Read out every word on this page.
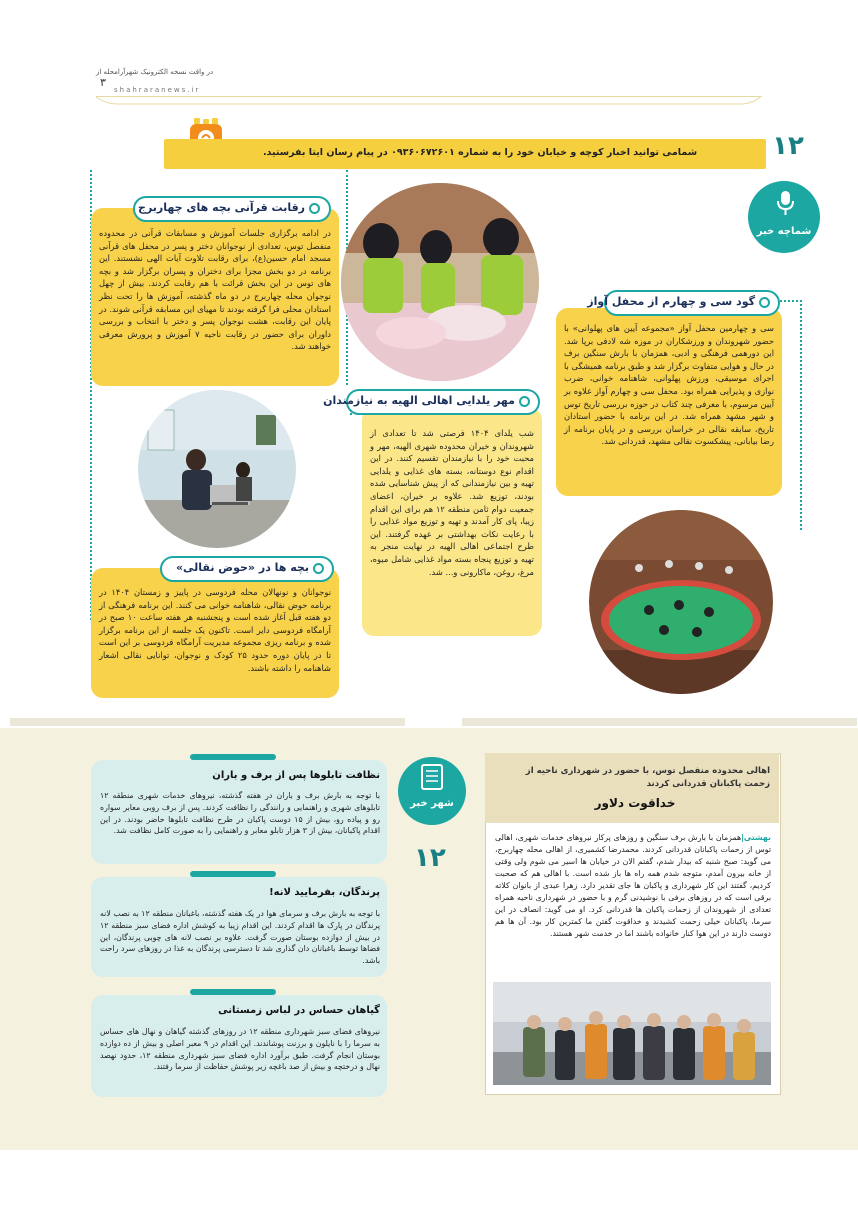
در واقت نسخه الکترونیک شهرآرامحله از
۳
shahraranews.ir
شمامی توانید اخبار کوچه و خیابان خود را به شماره ۰۹۳۶۰۶۷۲۶۰۱ در پیام رسان ایتا بفرستید.	۱۲
شماچه خبر
رقابت قرآنی بچه های چهاربرج
در ادامه برگزاری جلسات آموزش و مسابقات قرآنی در محدوده منفصل توس، تعدادی از نوجوانان دختر و پسر در محفل های قرآنی مسجد امام حسین(ع)، برای رقابت تلاوت آیات الهی نشستند. این برنامه در دو بخش مجزا برای دختران و پسران برگزار شد و بچه های توس در این بخش قرائت با هم رقابت کردند. بیش از چهل نوجوان محله چهاربرج در دو ماه گذشته، آموزش ها را تحت نظر استادان محلی فرا گرفته بودند تا مهیای این مسابقه قرآنی شوند. در پایان این رقابت، هشت نوجوان پسر و دختر با انتخاب و بررسی داوران برای حضور در رقابت ناحیه ۷ آموزش و پرورش معرفی خواهند شد.
گود سی و چهارم از محفل آواز
سی و چهارمین محفل آواز «مجموعه آیین های پهلوانی» با حضور شهروندان و ورزشکاران در موزه شه لادفی برپا شد. این دورهمی فرهنگی و ادبی، همزمان با بارش سنگین برف در حال و هوایی متفاوت برگزار شد و طبق برنامه همیشگی با اجرای موسیقی، ورزش پهلوانی، شاهنامه خوانی، ضرب نوازی و پذیرایی همراه بود. محفل سی و چهارم آواز علاوه بر آیین مرسوم، با معرفی چند کتاب در حوزه بررسی تاریخ توس و شهر مشهد همراه شد. در این برنامه با حضور استادان تاریخ، سابقه نقالی در خراسان بررسی و در پایان برنامه از رضا بیابانی، پیشکسوت نقالی مشهد، قدردانی شد.
مهر یلدایی اهالی الهیه به نیازمندان
شب یلدای ۱۴۰۴ فرصتی شد تا تعدادی از شهروندان و خیران محدوده شهری الهیه، مهر و محبت خود را با نیازمندان تقسیم کنند. در این اقدام نوع دوستانه، بسته های غذایی و یلدایی تهیه و بین نیازمندانی که از پیش شناسایی شده بودند، توزیع شد. علاوه بر خیران، اعضای جمعیت دوام ثامن منطقه ۱۲ هم برای این اقدام زیبا، پای کار آمدند و تهیه و توزیع مواد غذایی را با رعایت نکات بهداشتی بر عهده گرفتند. این طرح اجتماعی اهالی الهیه در نهایت منجر به تهیه و توزیع پنجاه بسته مواد غذایی شامل میوه، مرغ، روغن، ماکارونی و... شد.
بچه ها در «حوض نقالی»
نوجوانان و نونهالان محله فردوسی در پاییز و زمستان ۱۴۰۴ در برنامه حوض نقالی، شاهنامه خوانی می کنند. این برنامه فرهنگی از دو هفته قبل آغاز شده است و پنجشنبه هر هفته ساعت ۱۰ صبح در آرامگاه فردوسی دایر است. تاکنون یک جلسه از این برنامه برگزار شده و برنامه ریزی مجموعه مدیریت آرامگاه فردوسی بر این است تا در پایان دوره حدود ۲۵ کودک و نوجوان، توانایی نقالی اشعار شاهنامه را داشته باشند.
نظافت تابلوها پس از برف و باران
با توجه به بارش برف و باران در هفته گذشته، نیروهای خدمات شهری منطقه ۱۲ تابلوهای شهری و راهنمایی و رانندگی را نظافت کردند. پس از برف روبی معابر سواره رو و پیاده رو، بیش از ۱۵ دوست پاکبان در طرح نظافت تابلوها حاضر بودند. در این اقدام پاکبانان، بیش از ۳ هزار تابلو معابر و راهنمایی را به صورت کامل نظافت شد.
پرندگان، بفرمایید لانه!
با توجه به بارش برف و سرمای هوا در یک هفته گذشته، باغبانان منطقه ۱۲ به نصب لانه پرندگان در پارک ها اقدام کردند. این اقدام زیبا به کوشش اداره فضای سبز منطقه ۱۲ در بیش از دوازده بوستان صورت گرفت. علاوه بر نصب لانه های چوبی پرندگان، این فضاها توسط باغبانان دان گذاری شد تا دسترسی پرندگان به غذا در روزهای سرد راحت باشد.
گیاهان حساس در لباس زمستانی
نیروهای فضای سبز شهرداری منطقه ۱۲ در روزهای گذشته گیاهان و نهال های حساس به سرما را با نایلون و برزنت پوشاندند. این اقدام در ۹ معبر اصلی و بیش از ده دوازده بوستان انجام گرفت. طبق برآورد اداره فضای سبز شهرداری منطقه ۱۲، حدود نهصد نهال و درختچه و بیش از صد باغچه زیر پوشش حفاظت از سرما رفتند.
شهر خبر
۱۲
اهالی محدوده منفصل توس، با حضور در شهرداری ناحیه از زحمت پاکبانان قدردانی کردند
خداقوت دلاور
بهشتی|همزمان با بارش برف سنگین و روزهای پرکار نیروهای خدمات شهری، اهالی توس از زحمات پاکبانان قدردانی کردند. محمدرضا کشمیری، از اهالی محله چهاربرج، می گوید: صبح شنبه که بیدار شدم، گفتم الان در خیابان ها اسیر می شوم ولی وقتی از خانه بیرون آمدم، متوجه شدم همه راه ها باز شده است. با اهالی هم که صحبت کردیم، گفتند این کار شهرداری و پاکبان ها جای تقدیر دارد. زهرا عبدی از بانوان کلاته برقی است که در روزهای برفی با نوشیدنی گرم و با حضور در شهرداری ناحیه همراه تعدادی از شهروندان از زحمات پاکبان ها قدردانی کرد. او می گوید: انصاف در این سرما، پاکبانان خیلی زحمت کشیدند و خداقوت گفتن ما کمترین کار بود. آن ها هم دوست دارند در این هوا کنار خانواده باشند اما در خدمت شهر هستند.
